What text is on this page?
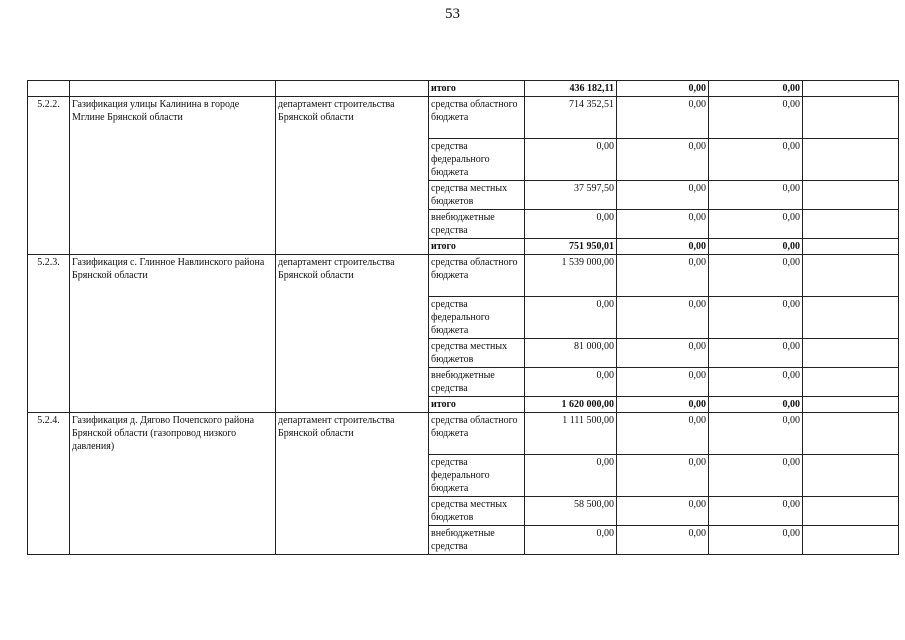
53
			итого	436 182,11	0,00	0,00	
5.2.2.	Газификация улицы Калинина в городе Мглине Брянской области	департамент строительства Брянской области	средства областного бюджета	714 352,51	0,00	0,00	
			средства федерального бюджета	0,00	0,00	0,00	
			средства местных бюджетов	37 597,50	0,00	0,00	
			внебюджетные средства	0,00	0,00	0,00	
			итого	751 950,01	0,00	0,00	
5.2.3.	Газификация с. Глинное Навлинского района Брянской области	департамент строительства Брянской области	средства областного бюджета	1 539 000,00	0,00	0,00	
			средства федерального бюджета	0,00	0,00	0,00	
			средства местных бюджетов	81 000,00	0,00	0,00	
			внебюджетные средства	0,00	0,00	0,00	
			итого	1 620 000,00	0,00	0,00	
5.2.4.	Газификация д. Дягово Почепского района Брянской области (газопровод низкого давления)	департамент строительства Брянской области	средства областного бюджета	1 111 500,00	0,00	0,00	
			средства федерального бюджета	0,00	0,00	0,00	
			средства местных бюджетов	58 500,00	0,00	0,00	
			внебюджетные средства	0,00	0,00	0,00	
